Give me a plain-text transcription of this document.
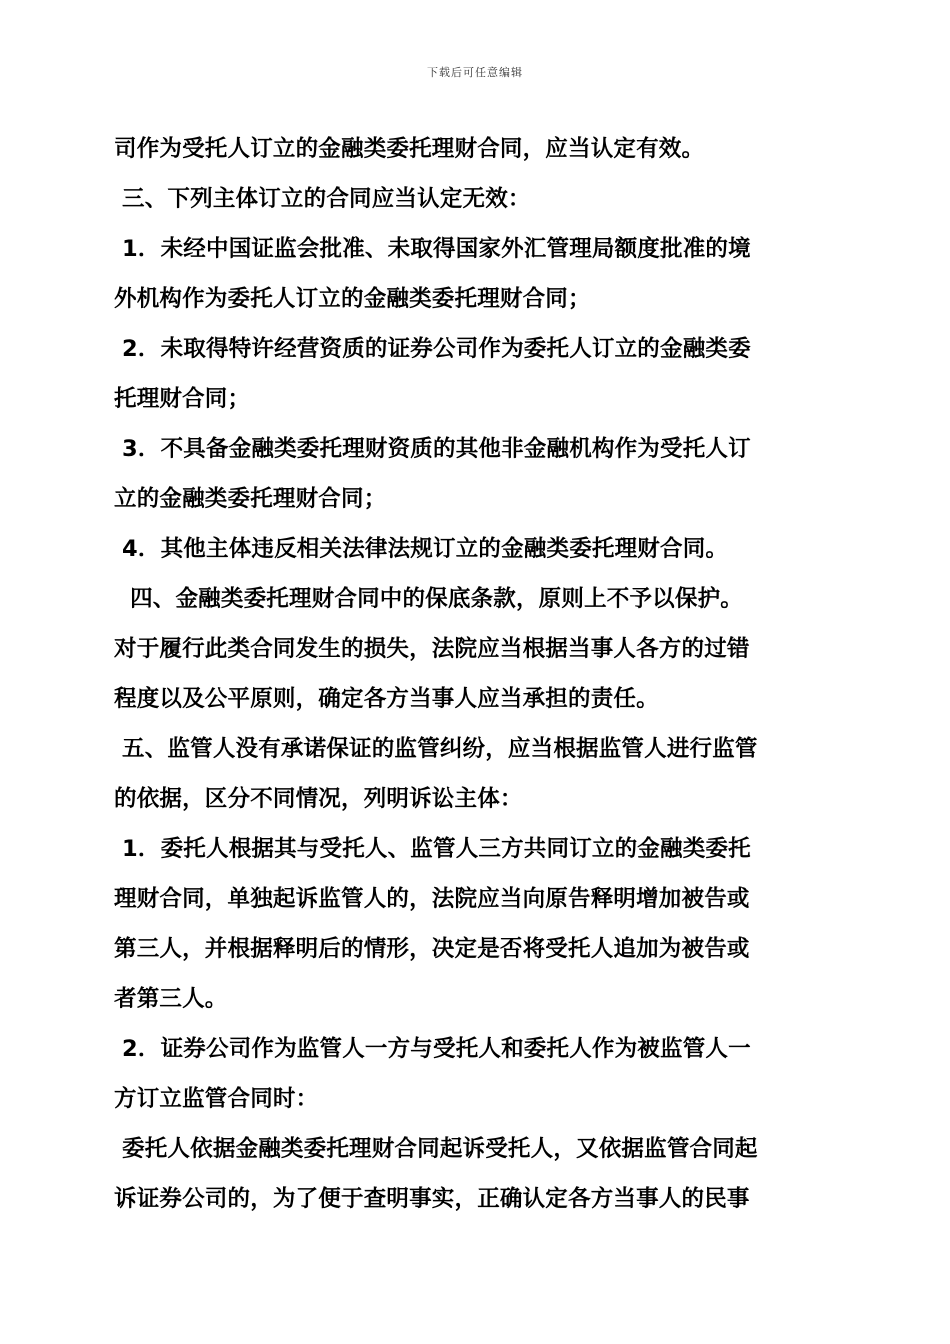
下载后可任意编辑
司作为受托人订立的金融类委托理财合同，应当认定有效。
三、下列主体订立的合同应当认定无效：
1．未经中国证监会批准、未取得国家外汇管理局额度批准的境
外机构作为委托人订立的金融类委托理财合同；
2．未取得特许经营资质的证券公司作为委托人订立的金融类委
托理财合同；
3．不具备金融类委托理财资质的其他非金融机构作为受托人订
立的金融类委托理财合同；
4．其他主体违反相关法律法规订立的金融类委托理财合同。
四、金融类委托理财合同中的保底条款，原则上不予以保护。
对于履行此类合同发生的损失，法院应当根据当事人各方的过错
程度以及公平原则，确定各方当事人应当承担的责任。
五、监管人没有承诺保证的监管纠纷，应当根据监管人进行监管
的依据，区分不同情况，列明诉讼主体：
1．委托人根据其与受托人、监管人三方共同订立的金融类委托
理财合同，单独起诉监管人的，法院应当向原告释明增加被告或
第三人，并根据释明后的情形，决定是否将受托人追加为被告或
者第三人。
2．证券公司作为监管人一方与受托人和委托人作为被监管人一
方订立监管合同时：
委托人依据金融类委托理财合同起诉受托人，又依据监管合同起
诉证券公司的，为了便于查明事实，正确认定各方当事人的民事
